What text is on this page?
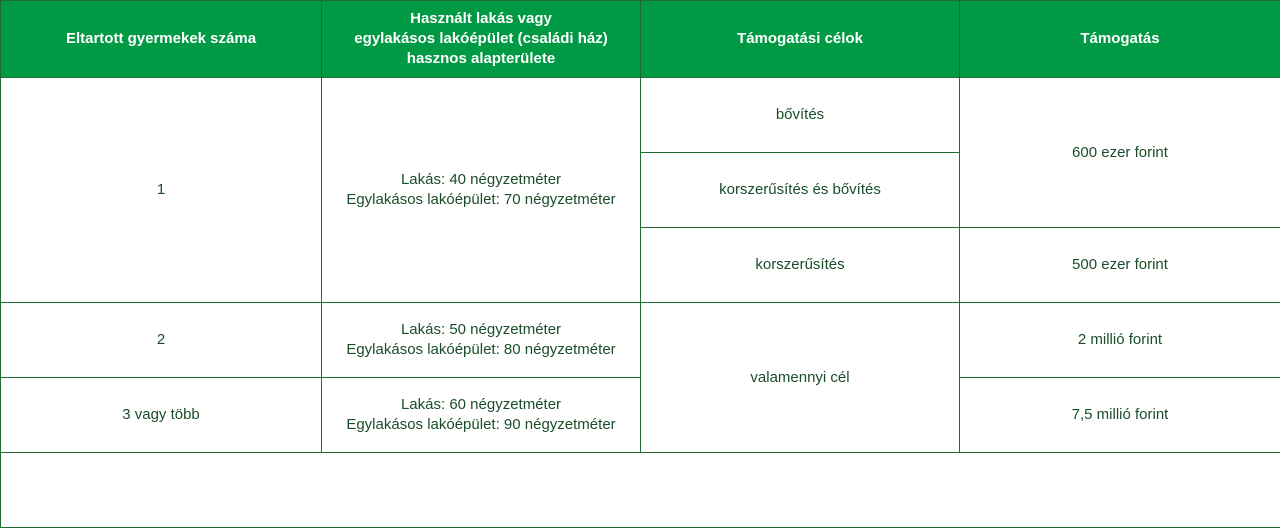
Eltartott gyermekek száma	Használt lakás vagy
egylakásos lakóépület (családi ház)
hasznos alapterülete	Támogatási célok	Támogatás
1	Lakás: 40 négyzetméter
Egylakásos lakóépület: 70 négyzetméter	bővítés	600 ezer forint
		korszerűsítés és bővítés	
		korszerűsítés	500 ezer forint
2	Lakás: 50 négyzetméter
Egylakásos lakóépület: 80 négyzetméter	valamennyi cél	2 millió forint
3 vagy több	Lakás: 60 négyzetméter
Egylakásos lakóépület: 90 négyzetméter		7,5 millió forint
Az ingatlan bővítése esetén a bővítést követően kialakított hasznos alapterületének kell elérnie a fenti táblázatokban szereplő minimum hasznos alapterület értékét.			
